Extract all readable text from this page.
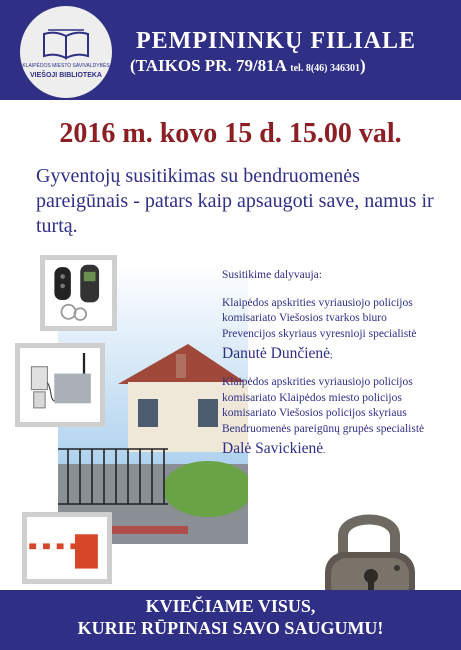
KLAIPĖDOS MIESTO SAVIVALDYBĖS
VIEŠOJI BIBLIOTEKA
PEMPININKŲ FILIALE
(TAIKOS PR. 79/81A tel. 8(46) 346301)
2016 m. kovo 15 d. 15.00 val.
Gyventojų susitikimas su bendruomenės pareigūnais - patars kaip apsaugoti save, namus ir turtą.

Susitikime dalyvauja:

Klaipėdos apskrities vyriausiojo policijos

komisariato Viešosios tvarkos biuro

Prevencijos skyriaus vyresnioji specialistė

Danutė Dunčienė;

Klaipėdos apskrities vyriausiojo policijos

komisariato Klaipėdos miesto policijos

komisariato Viešosios policijos skyriaus

Bendruomenės pareigūnų grupės specialistė

Dalė Savickienė.

KVIEČIAME VISUS,
KURIE RŪPINASI SAVO SAUGUMU!
